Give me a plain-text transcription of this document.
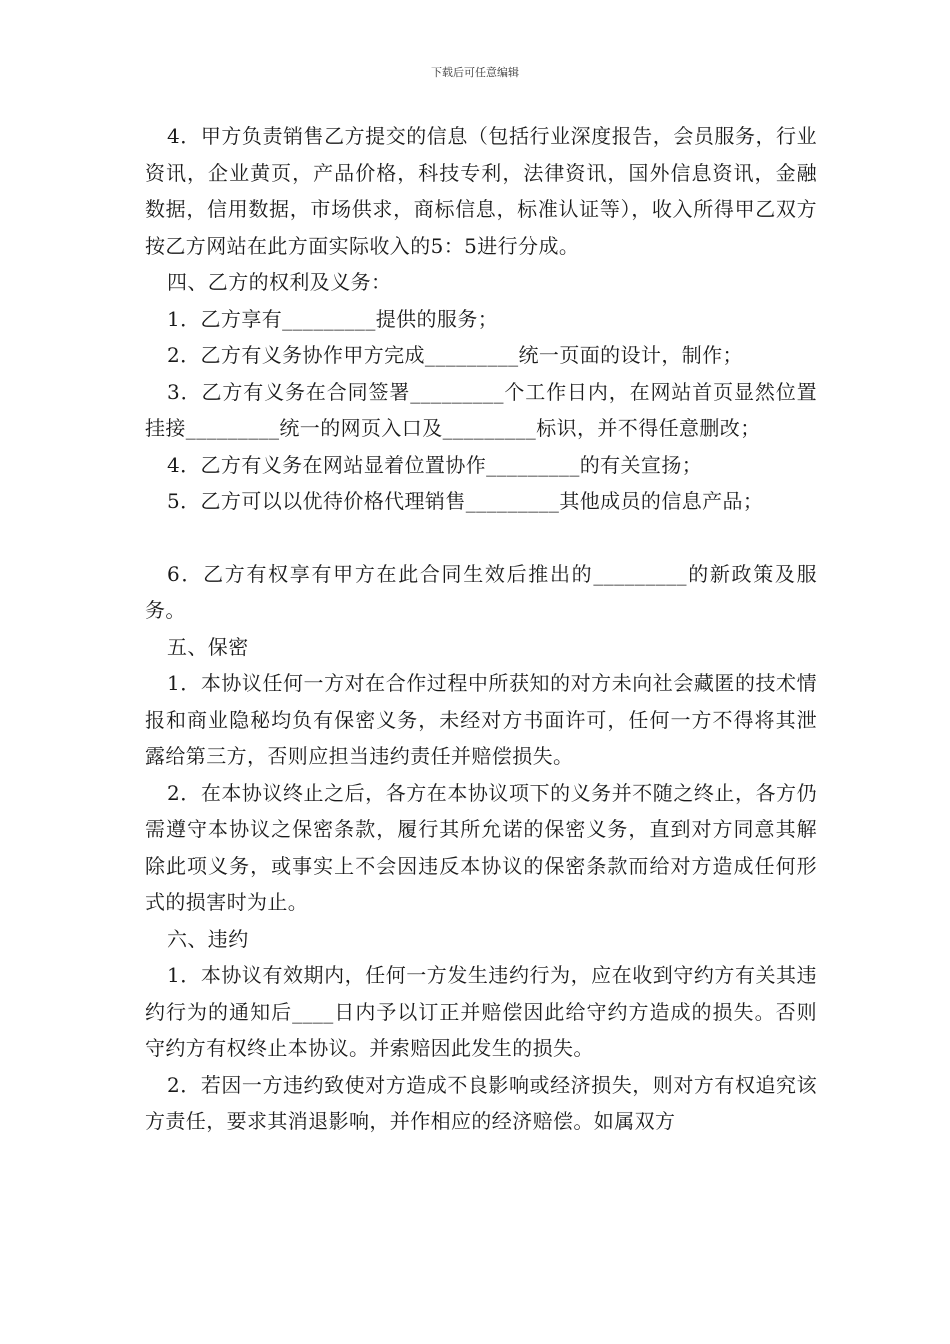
下载后可任意编辑

4．甲方负责销售乙方提交的信息（包括行业深度报告，会员服务，行业资讯，企业黄页，产品价格，科技专利，法律资讯，国外信息资讯，金融数据，信用数据，市场供求，商标信息，标准认证等），收入所得甲乙双方按乙方网站在此方面实际收入的5：5进行分成。

四、乙方的权利及义务：

1．乙方享有_________提供的服务；

2．乙方有义务协作甲方完成_________统一页面的设计，制作；

3．乙方有义务在合同签署_________个工作日内，在网站首页显然位置挂接_________统一的网页入口及_________标识，并不得任意删改；

4．乙方有义务在网站显着位置协作_________的有关宣扬；

5．乙方可以以优待价格代理销售_________其他成员的信息产品；

6．乙方有权享有甲方在此合同生效后推出的_________的新政策及服务。

五、保密

1．本协议任何一方对在合作过程中所获知的对方未向社会藏匿的技术情报和商业隐秘均负有保密义务，未经对方书面许可，任何一方不得将其泄露给第三方，否则应担当违约责任并赔偿损失。

2．在本协议终止之后，各方在本协议项下的义务并不随之终止，各方仍需遵守本协议之保密条款，履行其所允诺的保密义务，直到对方同意其解除此项义务，或事实上不会因违反本协议的保密条款而给对方造成任何形式的损害时为止。

六、违约

1．本协议有效期内，任何一方发生违约行为，应在收到守约方有关其违约行为的通知后____日内予以订正并赔偿因此给守约方造成的损失。否则守约方有权终止本协议。并索赔因此发生的损失。

2．若因一方违约致使对方造成不良影响或经济损失，则对方有权追究该方责任，要求其消退影响，并作相应的经济赔偿。如属双方
